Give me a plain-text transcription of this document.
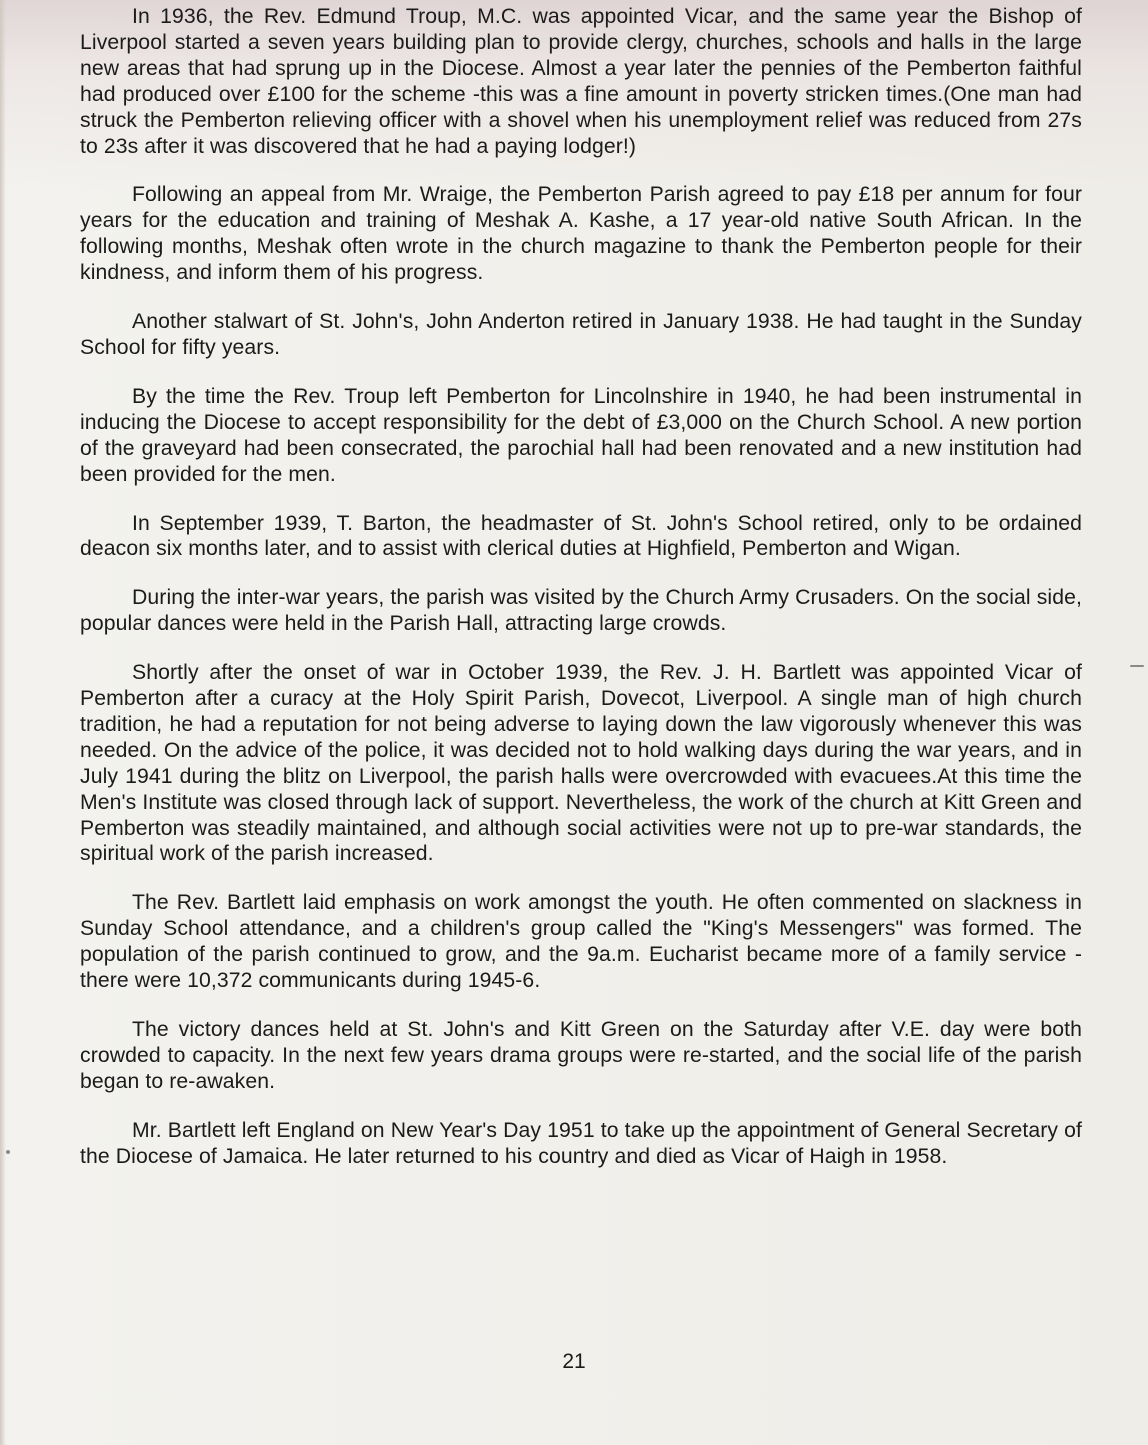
In 1936, the Rev. Edmund Troup, M.C. was appointed Vicar, and the same year the Bishop of Liverpool started a seven years building plan to provide clergy, churches, schools and halls in the large new areas that had sprung up in the Diocese. Almost a year later the pennies of the Pemberton faithful had produced over £100 for the scheme -this was a fine amount in poverty stricken times.(One man had struck the Pemberton relieving officer with a shovel when his unemployment relief was reduced from 27s to 23s after it was discovered that he had a paying lodger!)

Following an appeal from Mr. Wraige, the Pemberton Parish agreed to pay £18 per annum for four years for the education and training of Meshak A. Kashe, a 17 year-old native South African. In the following months, Meshak often wrote in the church magazine to thank the Pemberton people for their kindness, and inform them of his progress.

Another stalwart of St. John's, John Anderton retired in January 1938. He had taught in the Sunday School for fifty years.

By the time the Rev. Troup left Pemberton for Lincolnshire in 1940, he had been instrumental in inducing the Diocese to accept responsibility for the debt of £3,000 on the Church School. A new portion of the graveyard had been consecrated, the parochial hall had been renovated and a new institution had been provided for the men.

In September 1939, T. Barton, the headmaster of St. John's School retired, only to be ordained deacon six months later, and to assist with clerical duties at Highfield, Pemberton and Wigan.

During the inter-war years, the parish was visited by the Church Army Crusaders. On the social side, popular dances were held in the Parish Hall, attracting large crowds.

Shortly after the onset of war in October 1939, the Rev. J. H. Bartlett was appointed Vicar of Pemberton after a curacy at the Holy Spirit Parish, Dovecot, Liverpool. A single man of high church tradition, he had a reputation for not being adverse to laying down the law vigorously whenever this was needed. On the advice of the police, it was decided not to hold walking days during the war years, and in July 1941 during the blitz on Liverpool, the parish halls were overcrowded with evacuees.At this time the Men's Institute was closed through lack of support. Nevertheless, the work of the church at Kitt Green and Pemberton was steadily maintained, and although social activities were not up to pre-war standards, the spiritual work of the parish increased.

The Rev. Bartlett laid emphasis on work amongst the youth. He often commented on slackness in Sunday School attendance, and a children's group called the "King's Messengers" was formed. The population of the parish continued to grow, and the 9a.m. Eucharist became more of a family service - there were 10,372 communicants during 1945-6.

The victory dances held at St. John's and Kitt Green on the Saturday after V.E. day were both crowded to capacity. In the next few years drama groups were re-started, and the social life of the parish began to re-awaken.

Mr. Bartlett left England on New Year's Day 1951 to take up the appointment of General Secretary of the Diocese of Jamaica. He later returned to his country and died as Vicar of Haigh in 1958.

21
